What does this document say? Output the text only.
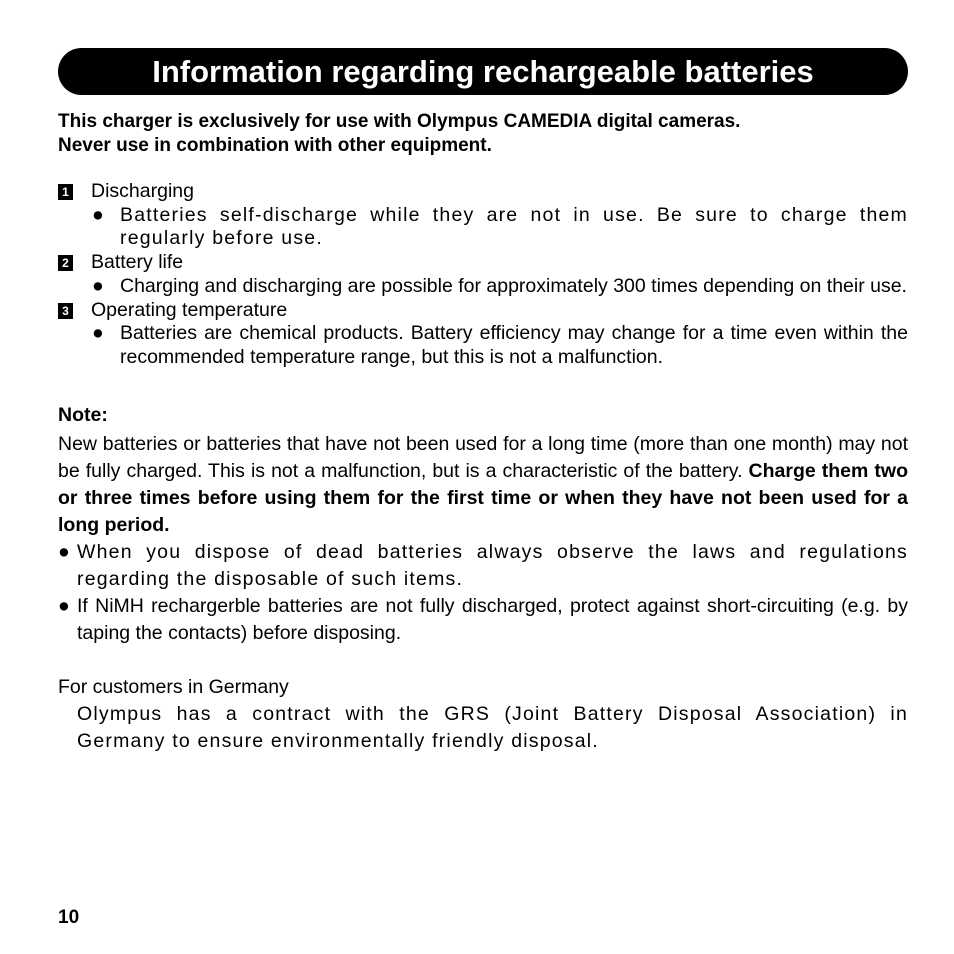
Information regarding rechargeable batteries
This charger is exclusively for use with Olympus CAMEDIA digital cameras.
Never use in combination with other equipment.
1 Discharging
● Batteries self-discharge while they are not in use. Be sure to charge them regularly before use.
2 Battery life
● Charging and discharging are possible for approximately 300 times depending on their use.
3 Operating temperature
● Batteries are chemical products. Battery efficiency may change for a time even within the recommended temperature range, but this is not a malfunction.
Note:
New batteries or batteries that have not been used for a long time (more than one month) may not be fully charged. This is not a malfunction, but is a characteristic of the battery. Charge them two or three times before using them for the first time or when they have not been used for a long period.
● When you dispose of dead batteries always observe the laws and regulations regarding the disposable of such items.
● If NiMH rechargerble batteries are not fully discharged, protect against short-circuiting (e.g. by taping the contacts) before disposing.
For customers in Germany
Olympus has a contract with the GRS (Joint Battery Disposal Association) in Germany to ensure environmentally friendly disposal.
10
